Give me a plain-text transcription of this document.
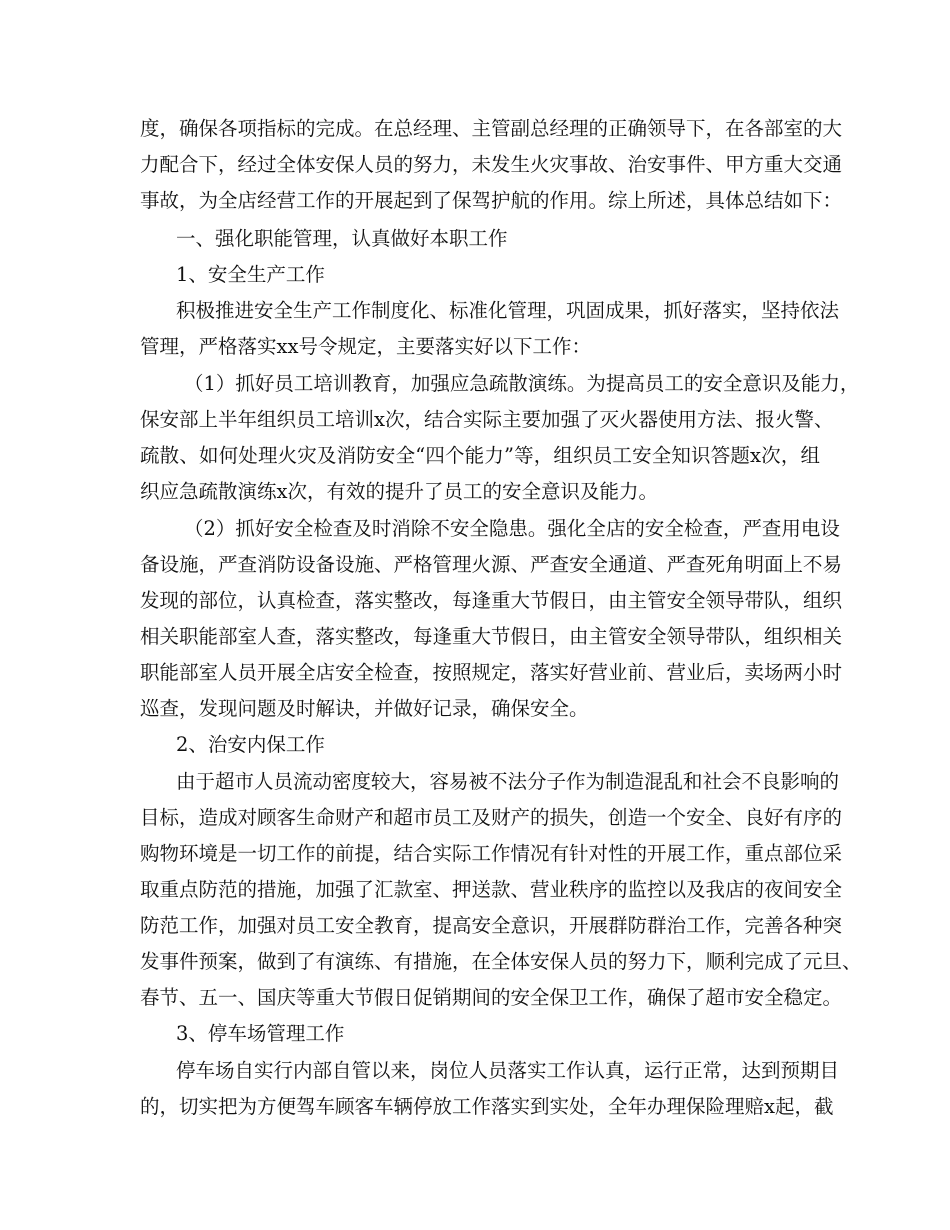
度，确保各项指标的完成。在总经理、主管副总经理的正确领导下，在各部室的大
力配合下，经过全体安保人员的努力，未发生火灾事故、治安事件、甲方重大交通
事故，为全店经营工作的开展起到了保驾护航的作用。综上所述，具体总结如下：
一、强化职能管理，认真做好本职工作
1、安全生产工作
积极推进安全生产工作制度化、标准化管理，巩固成果，抓好落实，坚持依法
管理，严格落实xx号令规定，主要落实好以下工作：
（1）抓好员工培训教育，加强应急疏散演练。为提高员工的安全意识及能力，
保安部上半年组织员工培训x次，结合实际主要加强了灭火器使用方法、报火警、
疏散、如何处理火灾及消防安全“四个能力”等，组织员工安全知识答题x次，组
织应急疏散演练x次，有效的提升了员工的安全意识及能力。
（2）抓好安全检查及时消除不安全隐患。强化全店的安全检查，严查用电设
备设施，严查消防设备设施、严格管理火源、严查安全通道、严查死角明面上不易
发现的部位，认真检查，落实整改，每逢重大节假日，由主管安全领导带队，组织
相关职能部室人查，落实整改，每逢重大节假日，由主管安全领导带队，组织相关
职能部室人员开展全店安全检查，按照规定，落实好营业前、营业后，卖场两小时
巡查，发现问题及时解诀，并做好记录，确保安全。
2、治安内保工作
由于超市人员流动密度较大，容易被不法分子作为制造混乱和社会不良影响的
目标，造成对顾客生命财产和超市员工及财产的损失，创造一个安全、良好有序的
购物环境是一切工作的前提，结合实际工作情况有针对性的开展工作，重点部位采
取重点防范的措施，加强了汇款室、押送款、营业秩序的监控以及我店的夜间安全
防范工作，加强对员工安全教育，提高安全意识，开展群防群治工作，完善各种突
发事件预案，做到了有演练、有措施，在全体安保人员的努力下，顺利完成了元旦、
春节、五一、国庆等重大节假日促销期间的安全保卫工作，确保了超市安全稳定。
3、停车场管理工作
停车场自实行内部自管以来，岗位人员落实工作认真，运行正常，达到预期目
的，切实把为方便驾车顾客车辆停放工作落实到实处，全年办理保险理赔x起，截
